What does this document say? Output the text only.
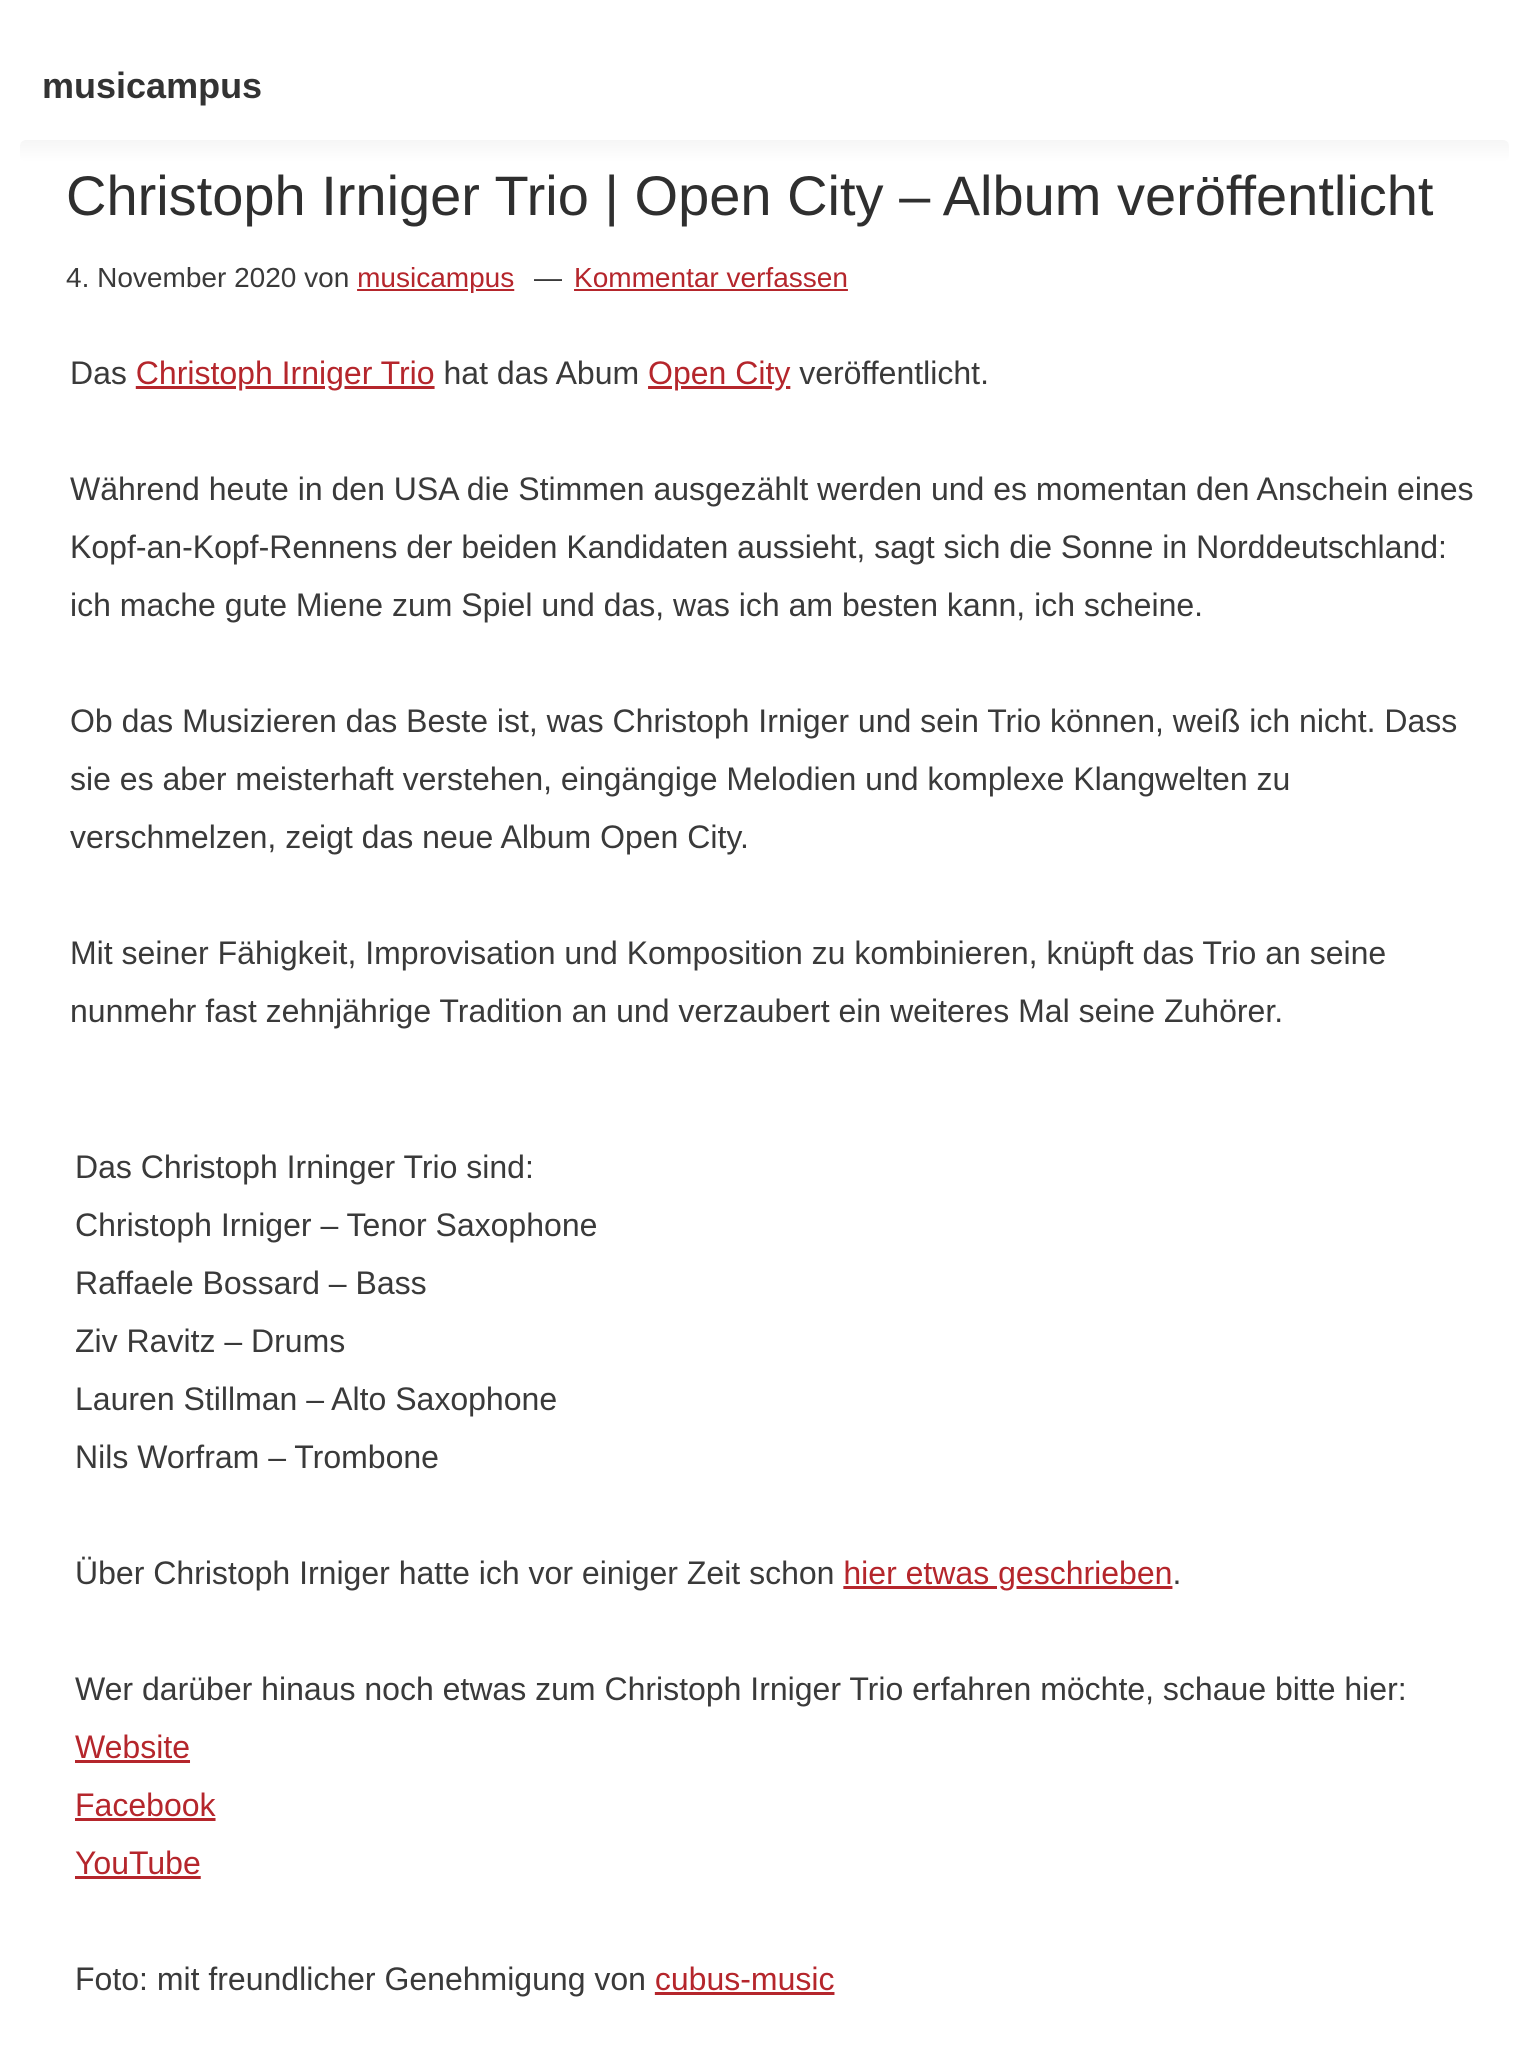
musicampus
Christoph Irniger Trio | Open City – Album veröffentlicht
4. November 2020 von musicampus — Kommentar verfassen

Das Christoph Irniger Trio hat das Abum Open City veröffentlicht.

Während heute in den USA die Stimmen ausgezählt werden und es momentan den Anschein eines Kopf-an-Kopf-Rennens der beiden Kandidaten aussieht, sagt sich die Sonne in Norddeutschland: ich mache gute Miene zum Spiel und das, was ich am besten kann, ich scheine.

Ob das Musizieren das Beste ist, was Christoph Irniger und sein Trio können, weiß ich nicht. Dass sie es aber meisterhaft verstehen, eingängige Melodien und komplexe Klangwelten zu verschmelzen, zeigt das neue Album Open City.

Mit seiner Fähigkeit, Improvisation und Komposition zu kombinieren, knüpft das Trio an seine nunmehr fast zehnjährige Tradition an und verzaubert ein weiteres Mal seine Zuhörer.

Das Christoph Irninger Trio sind:
Christoph Irniger – Tenor Saxophone
Raffaele Bossard – Bass
Ziv Ravitz – Drums
Lauren Stillman – Alto Saxophone
Nils Worfram – Trombone

Über Christoph Irniger hatte ich vor einiger Zeit schon hier etwas geschrieben.

Wer darüber hinaus noch etwas zum Christoph Irniger Trio erfahren möchte, schaue bitte hier:
Website
Facebook
YouTube

Foto: mit freundlicher Genehmigung von cubus-music
